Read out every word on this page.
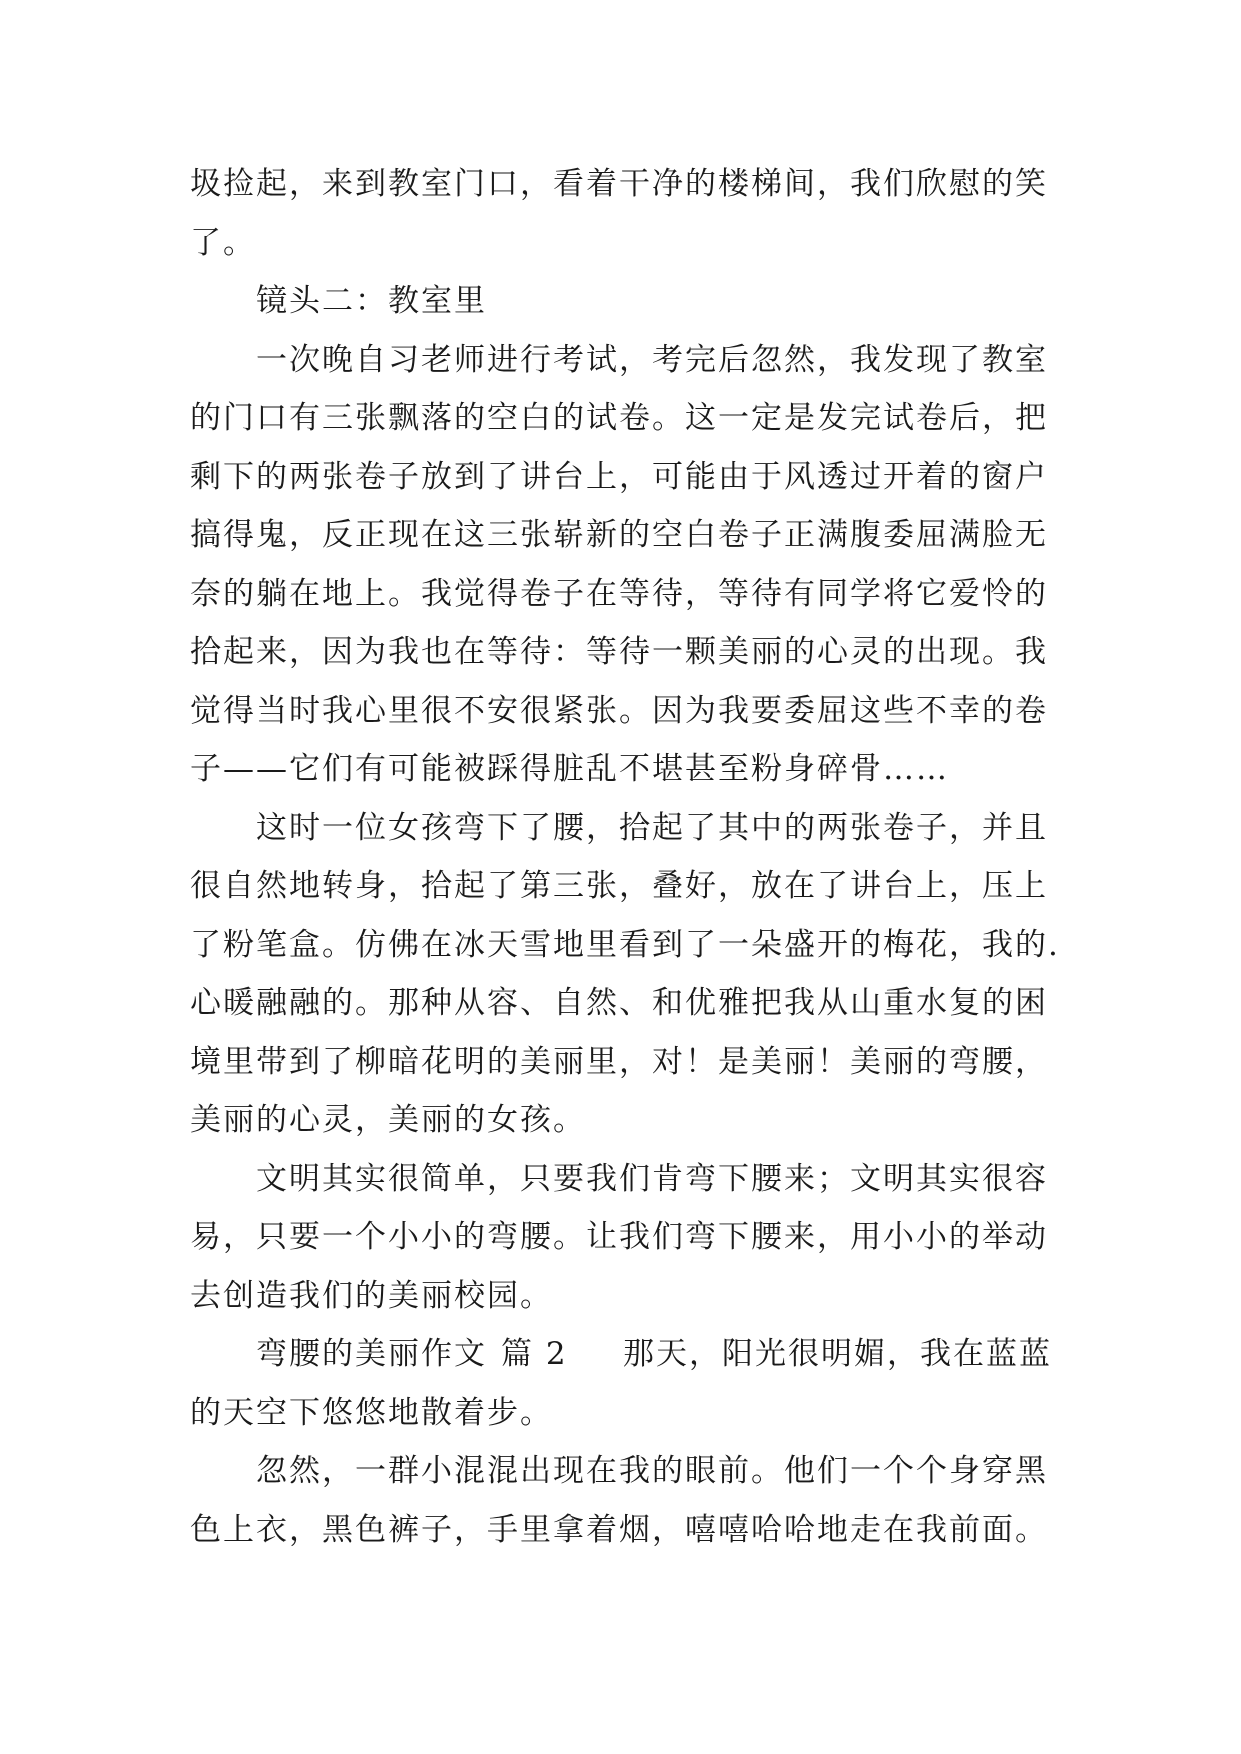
圾捡起，来到教室门口，看着干净的楼梯间，我们欣慰的笑
了。
镜头二：教室里
一次晚自习老师进行考试，考完后忽然，我发现了教室
的门口有三张飘落的空白的试卷。这一定是发完试卷后，把
剩下的两张卷子放到了讲台上，可能由于风透过开着的窗户
搞得鬼，反正现在这三张崭新的空白卷子正满腹委屈满脸无
奈的躺在地上。我觉得卷子在等待，等待有同学将它爱怜的
拾起来，因为我也在等待：等待一颗美丽的心灵的出现。我
觉得当时我心里很不安很紧张。因为我要委屈这些不幸的卷
子——它们有可能被踩得脏乱不堪甚至粉身碎骨……
这时一位女孩弯下了腰，拾起了其中的两张卷子，并且
很自然地转身，拾起了第三张，叠好，放在了讲台上，压上
了粉笔盒。仿佛在冰天雪地里看到了一朵盛开的梅花，我的.
心暖融融的。那种从容、自然、和优雅把我从山重水复的困
境里带到了柳暗花明的美丽里，对！是美丽！美丽的弯腰，
美丽的心灵，美丽的女孩。
文明其实很简单，只要我们肯弯下腰来；文明其实很容
易，只要一个小小的弯腰。让我们弯下腰来，用小小的举动
去创造我们的美丽校园。
弯腰的美丽作文 篇 2 那天，阳光很明媚，我在蓝蓝
的天空下悠悠地散着步。
忽然，一群小混混出现在我的眼前。他们一个个身穿黑
色上衣，黑色裤子，手里拿着烟，嘻嘻哈哈地走在我前面。
